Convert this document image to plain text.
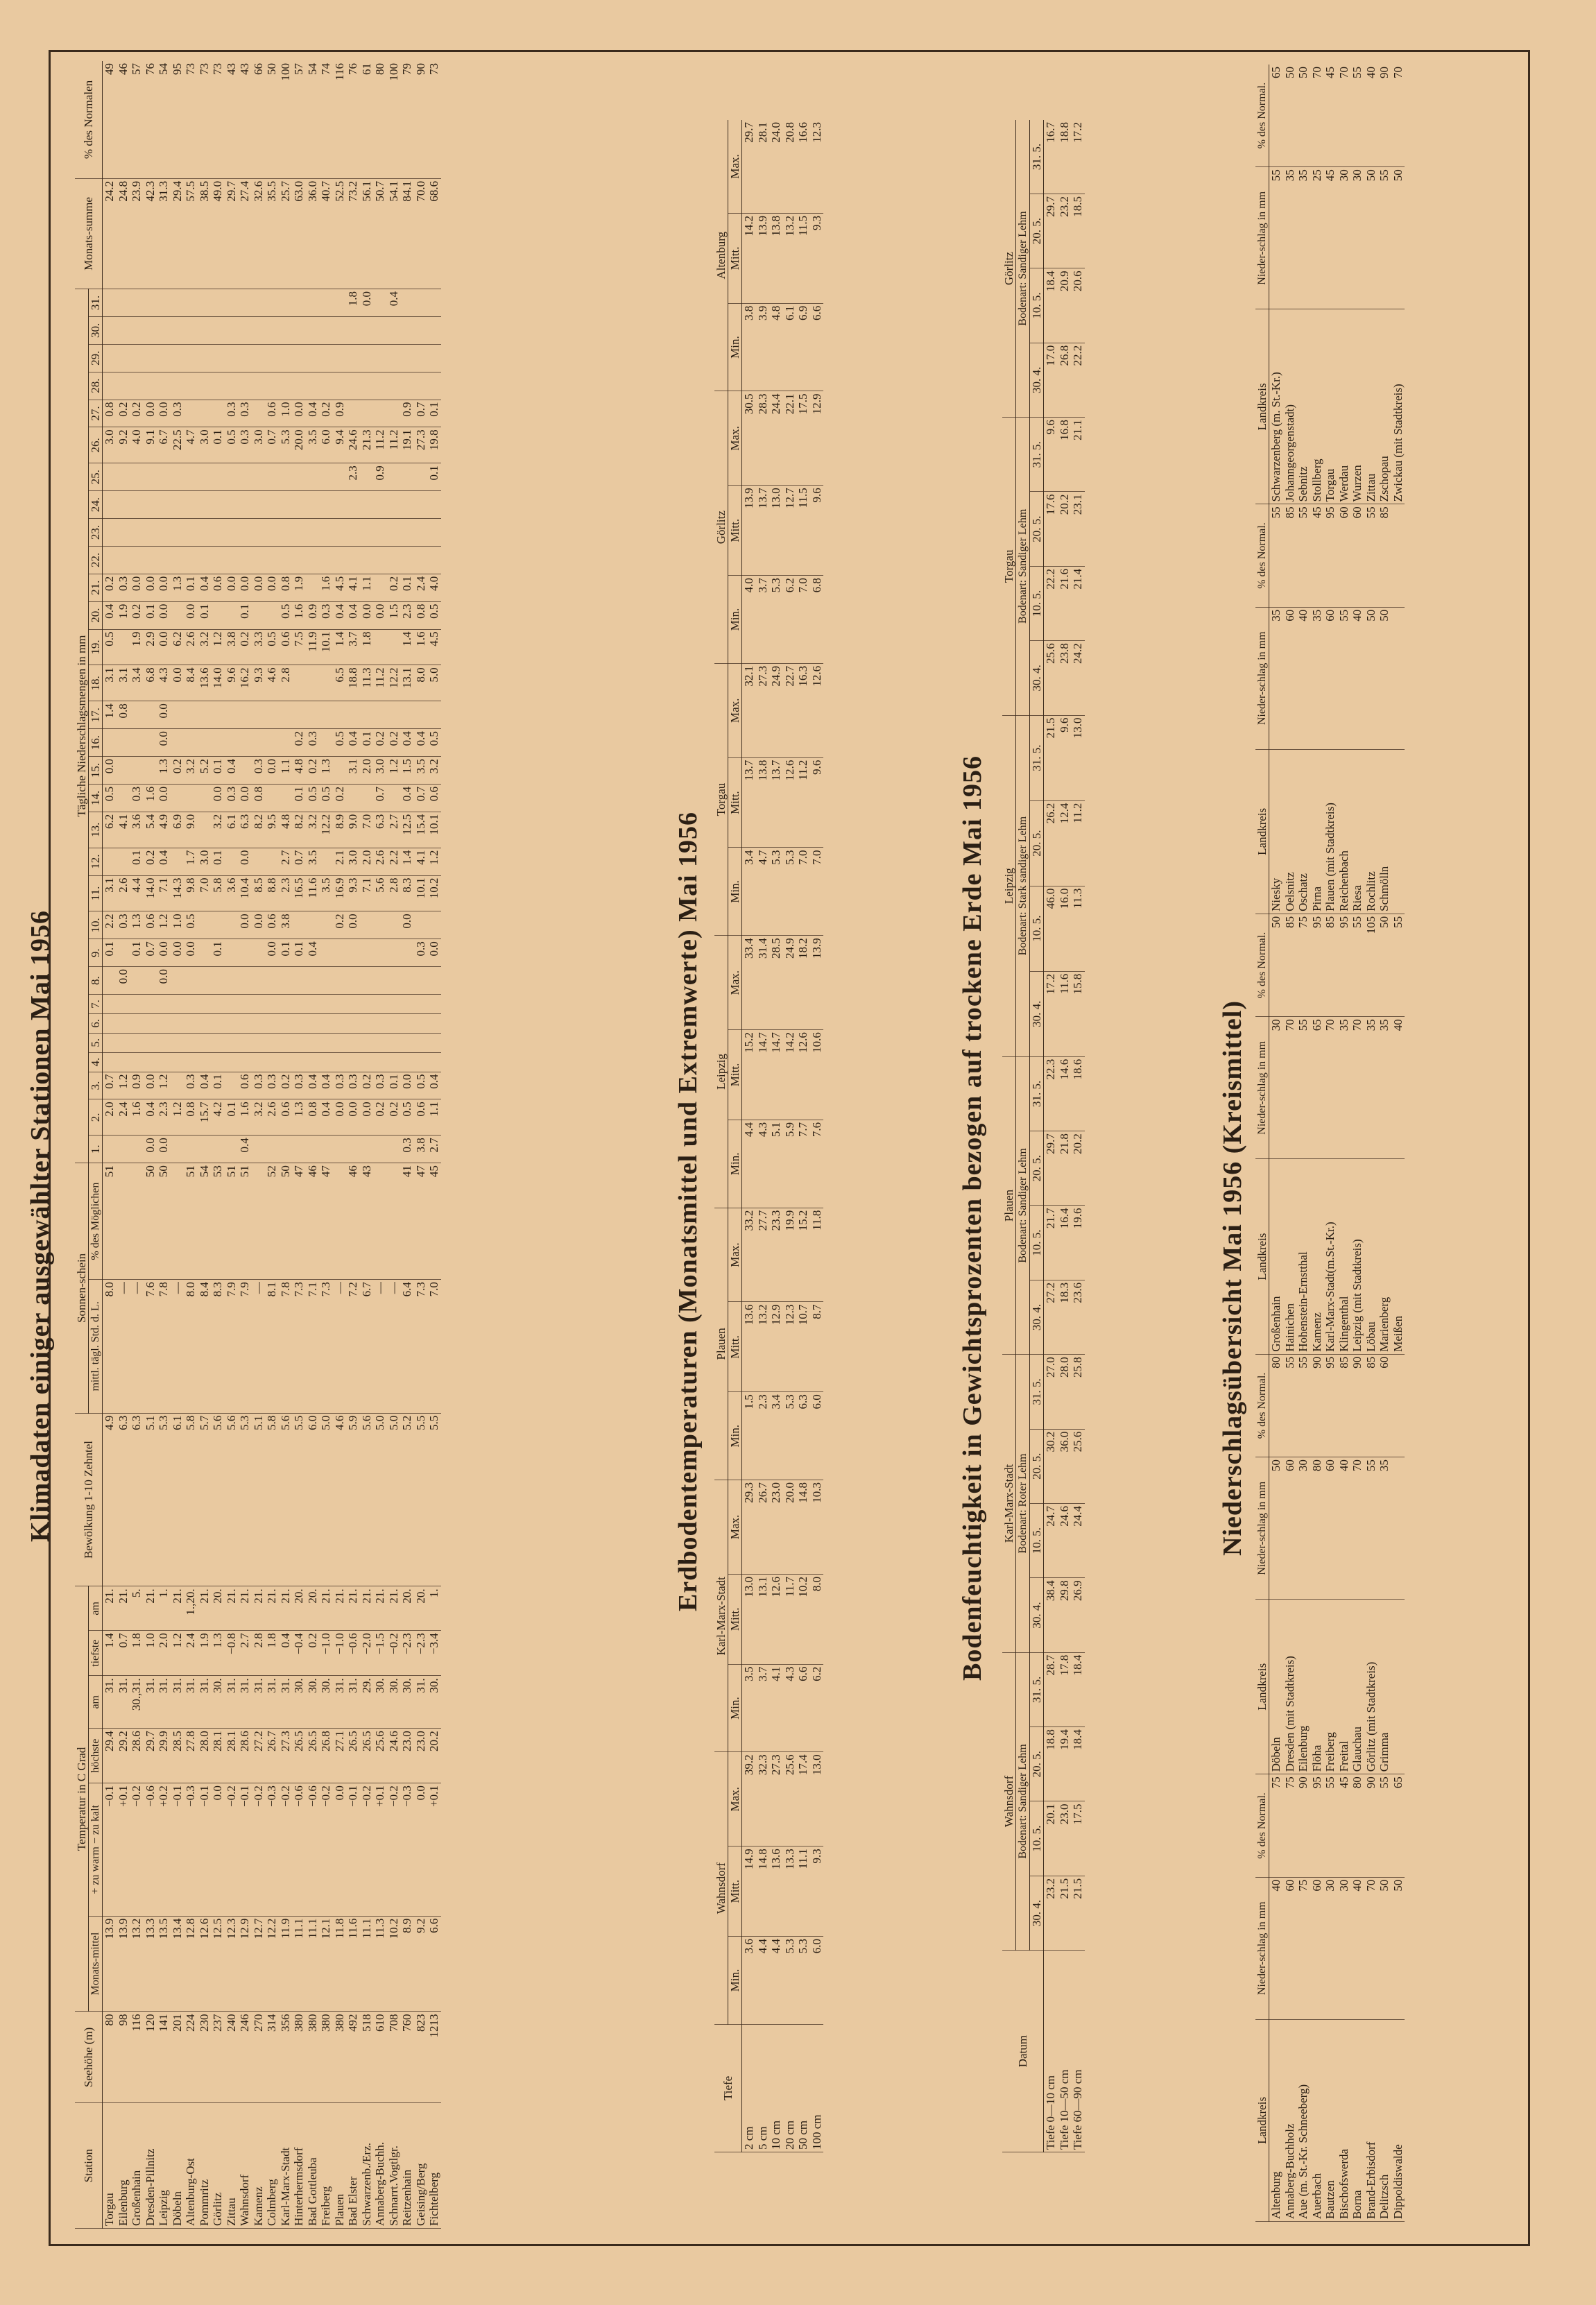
Klimadaten einiger ausgewählter Stationen Mai 1956
Station	Seehöhe (m)	Temperatur in C Grad						Bewölkung 1-10 Zehntel	Sonnen-schein		Tägliche Niederschlagsmengen in mm																															Monats-summe	% des Normalen
		Monats-mittel	+ zu warm − zu kalt	höchste	am	tiefste	am		mittl. tägl. Std. d. L.	% des Möglichen	1.	2.	3.	4.	5.	6.	7.	8.	9.	10.	11.	12.	13.	14.	15.	16.	17.	18.	19.	20.	21.	22.	23.	24.	25.	26.	27.	28.	29.	30.	31.		
Torgau	80	13.9	−0.1	29.4	31.	1.4	21.	4.9	8.0	51		2.0	0.7						0.1	2.2	3.1		6.2	0.5	0.0		1.4	3.1	0.5	0.4	0.2					3.0	0.8					24.2	49
Eilenburg	98	13.9	+0.1	29.2	31.	0.7	21.	6.3	—			2.4	1.2					0.0		0.3	2.6		4.1				0.8	3.1		1.9	0.3					9.2	0.2					24.8	46
Großenhain	116	13.2	−0.2	28.6	30.,31.	1.8	5.	6.3	—			1.6	0.9						0.1	1.3	4.4	0.1	3.6	0.3				3.4	1.9	0.2	0.0					4.0	0.2					23.9	57
Dresden-Pillnitz	120	13.3	−0.6	29.7	31.	1.0	21.	5.1	7.6	50	0.0	0.4	0.0						0.7	0.6	14.0	0.2	5.4	1.6				6.8	2.9	0.1	0.0					9.1	0.0					42.3	76
Leipzig	141	13.5	+0.2	29.9	31.	2.0	1.	5.3	7.8	50	0.0	2.3	1.2					0.0	0.0	1.2	7.1	0.4	4.9	0.0	1.3	0.0	0.0	4.3	0.0	0.0	0.0					6.7	0.0					31.3	54
Döbeln	201	13.4	−0.1	28.5	31.	1.2	21.	6.1	—			1.2							0.0	1.0	14.3		6.9		0.2			0.0	6.2		1.3					22.5	0.3					29.4	95
Altenburg-Ost	224	12.8	−0.3	27.8	31.	2.4	1.,20.	5.8	8.0	51		0.8	0.3						0.0	0.5	9.8	1.7	9.0		3.2			8.4	2.6	0.0	0.1					4.7						57.5	73
Pommritz	230	12.6	−0.1	28.0	31.	1.9	21.	5.7	8.4	54		15.7	0.4								7.0	3.0			5.2			13.6	3.2	0.1	0.4					3.0						38.5	73
Görlitz	237	12.5	0.0	28.1	30.	1.3	20.	5.6	8.3	53		4.2	0.1						0.1		5.8	0.1	3.2	0.0	0.1			14.0	1.2		0.6					0.1						49.0	73
Zittau	240	12.3	−0.2	28.1	31.	−0.8	21.	5.6	7.9	51		0.1									3.6		6.1	0.3	0.4			9.6	3.8		0.0					0.5	0.3					29.7	43
Wahnsdorf	246	12.9	−0.1	28.6	31.	2.7	21.	5.3	7.9	51	0.4	1.6	0.6							0.0	10.4	0.0	6.3	0.0				16.2	0.2	0.1	0.0					0.3	0.3					27.4	43
Kamenz	270	12.7	−0.2	27.2	31.	2.8	21.	5.1	—			3.2	0.3							0.0	8.5		8.2	0.8	0.3			9.3	3.3		0.0					3.0						32.6	66
Colmberg	314	12.2	−0.3	26.7	31.	1.8	21.	5.8	8.1	52		2.6	0.3						0.0	0.6	8.8		9.5		0.0			4.6	0.5		0.0					0.7	0.6					35.5	50
Karl-Marx-Stadt	356	11.9	−0.2	27.3	31.	0.4	21.	5.6	7.8	50		0.6	0.2						0.1	3.8	2.3	2.7	4.8		1.1			2.8	0.6	0.5	0.8					5.3	1.0					25.7	100
Hinterhermsdorf	380	11.1	−0.6	26.5	30.	−0.4	20.	5.5	7.3	47		1.3	0.3						0.1		16.5	0.7	8.2	0.1	4.8	0.2			7.5	1.6	1.9					20.0	0.0					63.0	57
Bad Gottleuba	380	11.1	−0.6	26.5	30.	0.2	20.	6.0	7.1	46		0.8	0.4						0.4		11.6	3.5	3.2	0.5	0.2	0.3			11.9	0.9						3.5	0.4					36.0	54
Freiberg	380	12.1	−0.2	26.8	30.	−1.0	21.	5.0	7.3	47		0.4	0.4								3.5		12.2	0.5	1.3				10.1	0.3	1.6					6.0	0.2					40.7	74
Plauen	380	11.8	0.0	27.1	31.	−1.0	21.	4.6	—			0.0	0.3							0.2	16.9	2.1	8.9	0.2		0.5		6.5	1.4	0.4	4.5					9.4	0.9					52.5	116
Bad Elster	492	11.6	−0.1	26.5	31.	−0.6	21.	5.9	7.2	46		0.0	0.3							0.0	9.3	3.0	9.0		3.1	0.4		18.8	3.7	0.4	4.1				2.3	24.6					1.8	73.2	76
Schwarzenb./Erz.	518	11.1	−0.2	26.5	29.	−2.0	21.	5.6	6.7	43		0.0	0.2								7.1	2.0	7.0		2.0	0.1		11.3	1.8	0.0	1.1					21.3					0.0	56.1	61
Annaberg-Buchh.	610	11.3	+0.1	25.6	30.	−1.5	21.	5.0	—			0.2	0.3								5.6	2.6	6.3	0.7	3.0	0.2		11.2		0.0					0.9	11.2						50.7	80
Schnarrt.Vogtlgr.	708	10.2	−0.2	24.6	30.	−0.2	21.	5.0	—			0.2	0.1								2.8	2.2	2.7		1.2	0.2		12.2		1.5	0.2					11.2					0.4	54.1	100
Reitzenhain	760	8.9	−0.3	23.0	30.	−2.3	20.	5.2	6.4	41	0.3	0.5	0.0							0.0	8.3	1.4	12.5	0.4	1.5	0.4		13.1	1.4	2.3	0.1					19.1	0.9					84.1	79
Geising/Berg	823	9.2	0.0	23.0	31.	−2.3	20.	5.5	7.3	47	3.8	0.6	0.5						0.3		10.1	4.1	15.4	0.7	3.5	0.4		8.0	1.6	0.8	2.4					27.3	0.7					70.0	90
Fichtelberg	1213	6.6	+0.1	20.2	30.	−3.4	1.	5.5	7.0	45	2.7	1.1	0.4						0.0		10.2	1.2	10.1	0.6	3.2	0.5		5.0	4.5	0.5	4.0				0.1	19.8	0.1					68.6	73
Erdbodentemperaturen (Monatsmittel und Extremwerte) Mai 1956
Tiefe	Wahnsdorf			Karl-Marx-Stadt			Plauen			Leipzig			Torgau			Görlitz			Altenburg		
	Min.	Mitt.	Max.	Min.	Mitt.	Max.	Min.	Mitt.	Max.	Min.	Mitt.	Max.	Min.	Mitt.	Max.	Min.	Mitt.	Max.	Min.	Mitt.	Max.
2 cm	3.6	14.9	39.2	3.5	13.0	29.3	1.5	13.6	33.2	4.4	15.2	33.4	3.4	13.7	32.1	4.0	13.9	30.5	3.8	14.2	29.7
5 cm	4.4	14.8	32.3	3.7	13.1	26.7	2.3	13.2	27.7	4.3	14.7	31.4	4.7	13.8	27.3	3.7	13.7	28.3	3.9	13.9	28.1
10 cm	4.4	13.6	27.3	4.1	12.6	23.0	3.4	12.9	23.3	5.1	14.7	28.5	5.3	13.7	24.9	5.3	13.0	24.4	4.8	13.8	24.0
20 cm	5.3	13.3	25.6	4.3	11.7	20.0	5.3	12.3	19.9	5.9	14.2	24.9	5.3	12.6	22.7	6.2	12.7	22.1	6.1	13.2	20.8
50 cm	5.3	11.1	17.4	6.6	10.2	14.8	6.3	10.7	15.2	7.7	12.6	18.2	7.0	11.2	16.3	7.0	11.5	17.5	6.9	11.5	16.6
100 cm	6.0	9.3	13.0	6.2	8.0	10.3	6.0	8.7	11.8	7.6	10.6	13.9	7.0	9.6	12.6	6.8	9.6	12.9	6.6	9.3	12.3
Bodenfeuchtigkeit in Gewichtsprozenten bezogen auf trockene Erde Mai 1956
Datum	Wahnsdorf				Karl-Marx-Stadt				Plauen				Leipzig				Torgau				Görlitz			
	Bodenart: Sandiger Lehm				Bodenart: Roter Lehm				Bodenart: Sandiger Lehm				Bodenart: Stark sandiger Lehm				Bodenart: Sandiger Lehm				Bodenart: Sandiger Lehm			
	30. 4.	10. 5.	20. 5.	31. 5.	30. 4.	10. 5.	20. 5.	31. 5.	30. 4.	10. 5.	20. 5.	31. 5.	30. 4.	10. 5.	20. 5.	31. 5.	30. 4.	10. 5.	20. 5.	31. 5.	30. 4.	10. 5.	20. 5.	31. 5.
Tiefe 0—10 cm	23.2	20.1	18.8	28.7	38.4	24.7	30.2	27.0	27.2	21.7	29.7	22.3	17.2	46.0	26.2	21.5	25.6	22.2	17.6	9.6	17.0	18.4	29.7	16.7
Tiefe 10—50 cm	21.5	23.0	19.4	17.8	29.8	24.6	36.0	28.0	18.3	16.4	21.8	14.6	11.6	16.0	12.4	9.6	23.8	21.6	20.2	16.8	26.8	20.9	23.2	18.8
Tiefe 60—90 cm	21.5	17.5	18.4	18.4	26.9	24.4	25.6	25.8	23.6	19.6	20.2	18.6	15.8	11.3	11.2	13.0	24.2	21.4	23.1	21.1	22.2	20.6	18.5	17.2
Niederschlagsübersicht Mai 1956 (Kreismittel)
Landkreis	Nieder-schlag in mm	% des Normal.	Landkreis	Nieder-schlag in mm	% des Normal.	Landkreis	Nieder-schlag in mm	% des Normal.	Landkreis	Nieder-schlag in mm	% des Normal.	Landkreis	Nieder-schlag in mm	% des Normal.
Altenburg	40	75	Döbeln	50	80	Großenhain	30	50	Niesky	35	55	Schwarzenberg (m. St.-Kr.)	55	65
Annaberg-Buchholz	60	75	Dresden (mit Stadtkreis)	60	55	Hainichen	70	85	Oelsnitz	60	85	Johanngeorgenstadt)	35	50
Aue (m. St.-Kr. Schneeberg)	75	90	Eilenburg	30	55	Hohenstein-Ernstthal	55	75	Oschatz	40	55	Sebnitz	35	50
Auerbach	60	95	Flöha	80	90	Kamenz	65	95	Pirna	35	45	Stollberg	25	70
Bautzen	30	55	Freiberg	60	95	Karl-Marx-Stadt(m.St.-Kr.)	70	85	Plauen (mit Stadtkreis)	60	95	Torgau	45	45
Bischofswerda	30	45	Freital	40	85	Klingenthal	35	95	Reichenbach	55	60	Werdau	30	70
Borna	40	80	Glauchau	70	90	Leipzig (mit Stadtkreis)	70	55	Riesa	40	60	Wurzen	30	55
Brand-Erbisdorf	70	90	Görlitz (mit Stadtkreis)	55	85	Löbau	35	105	Rochlitz	50	55	Zittau	50	40
Delitzsch	50	55	Grimma	35	60	Marienberg	35	50	Schmölln	50	85	Zschopau	55	90
Dippoldiswalde	50	65				Meißen	40	55				Zwickau (mit Stadtkreis)	50	70
